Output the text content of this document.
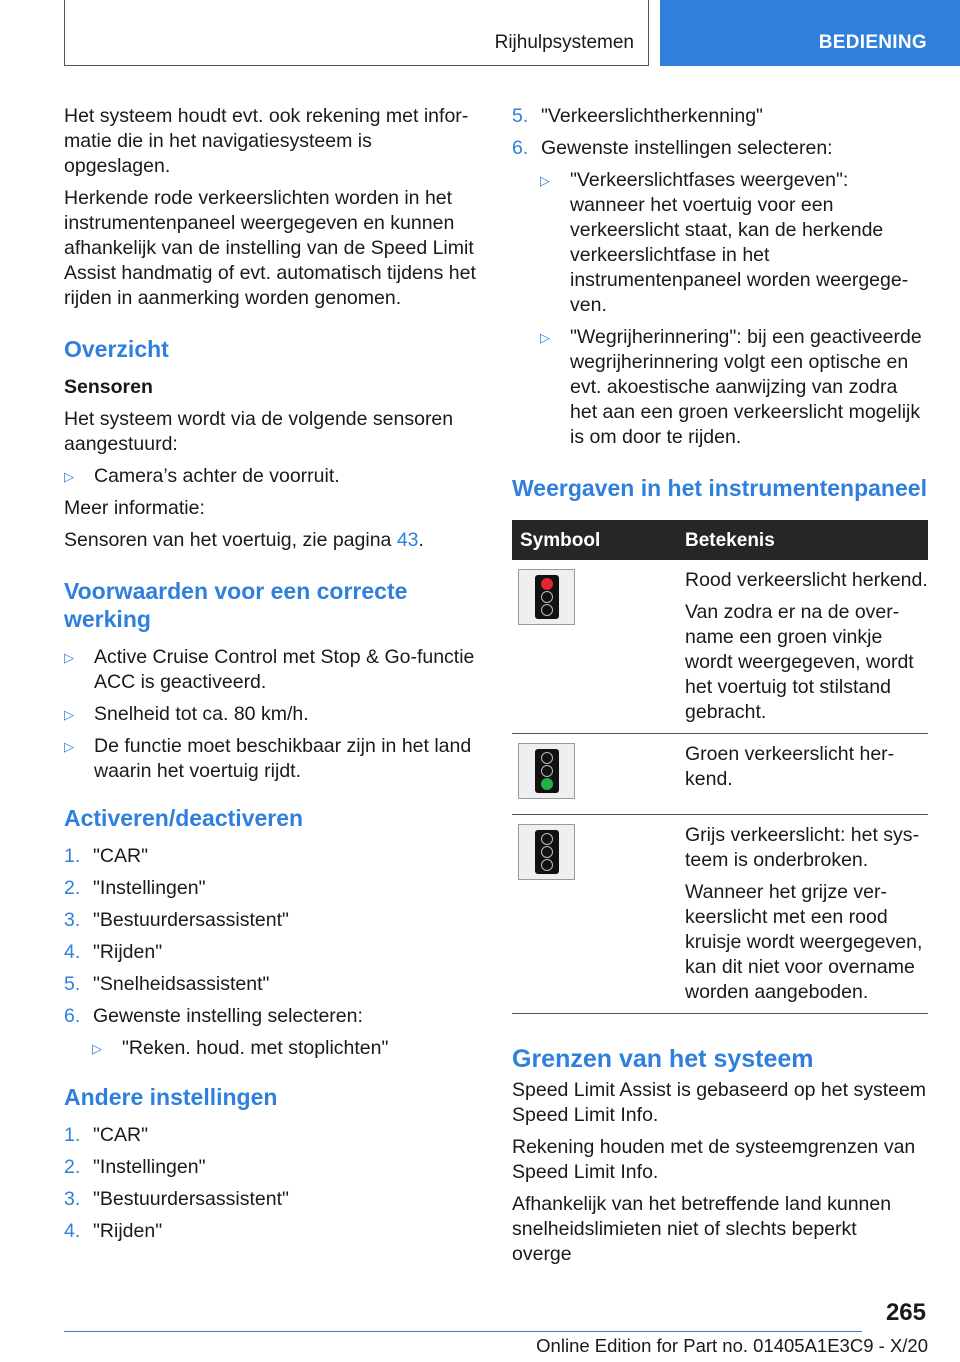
Rijhulpsystemen	BEDIENING

Het systeem houdt evt. ook rekening met informatie die in het navigatiesysteem is opgeslagen.

Herkende rode verkeerslichten worden in het instrumentenpaneel weergegeven en kunnen afhankelijk van de instelling van de Speed Limit Assist handmatig of evt. automatisch tijdens het rijden in aanmerking worden genomen.

Overzicht
Sensoren

Het systeem wordt via de volgende sensoren aangestuurd:

▷ Camera’s achter de voorruit.

Meer informatie:

Sensoren van het voertuig, zie pagina 43.

Voorwaarden voor een correcte werking
▷ Active Cruise Control met Stop & Go-functie ACC is geactiveerd.
▷ Snelheid tot ca. 80 km/h.
▷ De functie moet beschikbaar zijn in het land waarin het voertuig rijdt.
Activeren/deactiveren
1. "CAR"
2. "Instellingen"
3. "Bestuurdersassistent"
4. "Rijden"
5. "Snelheidsassistent"
6. Gewenste instelling selecteren:
▷ "Reken. houd. met stoplichten"
Andere instellingen
1. "CAR"
2. "Instellingen"
3. "Bestuurdersassistent"
4. "Rijden"
5. "Verkeerslichtherkenning"
6. Gewenste instellingen selecteren:
▷ "Verkeerslichtfases weergeven": wanneer het voertuig voor een verkeerslicht staat, kan de herkende verkeerslichtfase in het instrumentenpaneel worden weergegeven.
▷ "Wegrijherinnering": bij een geactiveerde wegrijherinnering volgt een optische en evt. akoestische aanwijzing van zodra het aan een groen verkeerslicht mogelijk is om door te rijden.
Weergaven in het instrumentenpaneel
Symbool	Betekenis

	Rood verkeerslicht herkend.

Van zodra er na de overname een groen vinkje wordt weergegeven, wordt het voertuig tot stilstand gebracht.

	Groen verkeerslicht herkend.

	Grijs verkeerslicht: het systeem is onderbroken.

Wanneer het grijze verkeerslicht met een rood kruisje wordt weergegeven, kan dit niet voor overname worden aangeboden.

Grenzen van het systeem

Speed Limit Assist is gebaseerd op het systeem Speed Limit Info.

Rekening houden met de systeemgrenzen van Speed Limit Info.

Afhankelijk van het betreffende land kunnen snelheidslimieten niet of slechts beperkt overge

265
Online Edition for Part no. 01405A1E3C9 - X/20
